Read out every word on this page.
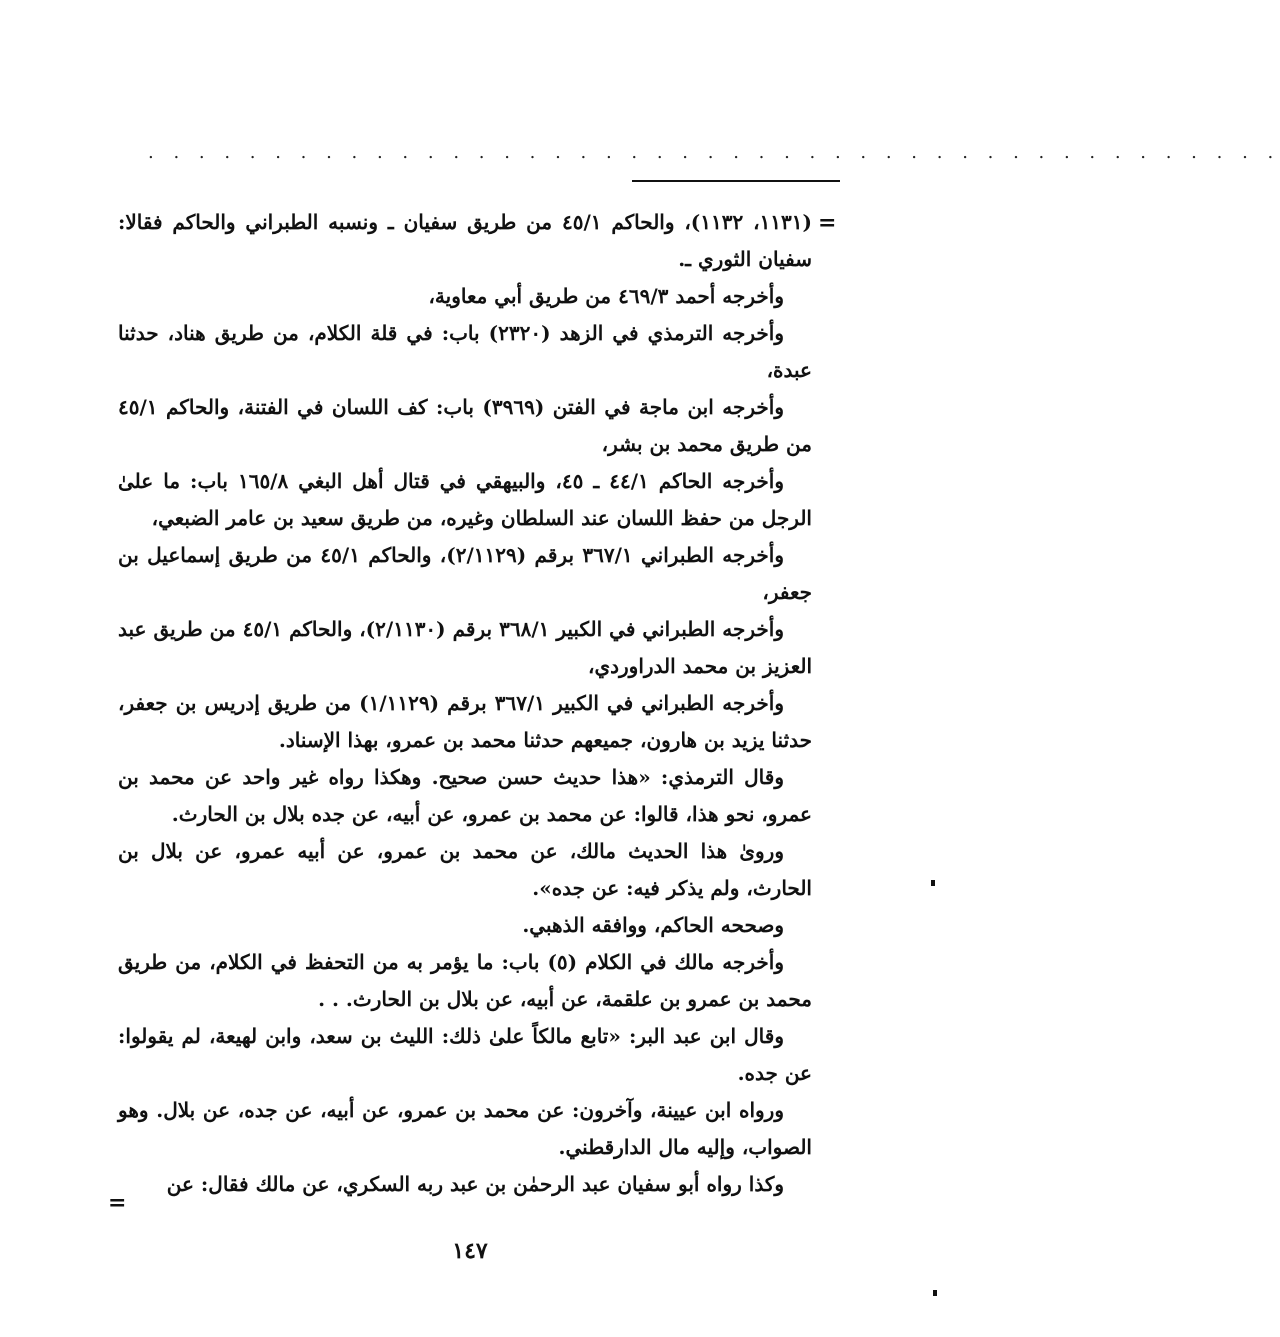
. . . . . . . . . . . . . . . . . . . . . . . . . . . . . . . . . . . . . . . . . . . . .
=

(١١٣١، ١١٣٢)، والحاكم ٤٥/١ من طريق سفيان ـ ونسبه الطبراني والحاكم فقالا: سفيان الثوري ـ.

وأخرجه أحمد ٤٦٩/٣ من طريق أبي معاوية،

وأخرجه الترمذي في الزهد (٢٣٢٠) باب: في قلة الكلام، من طريق هناد، حدثنا عبدة،

وأخرجه ابن ماجة في الفتن (٣٩٦٩) باب: كف اللسان في الفتنة، والحاكم ٤٥/١ من طريق محمد بن بشر،

وأخرجه الحاكم ٤٤/١ ـ ٤٥، والبيهقي في قتال أهل البغي ١٦٥/٨ باب: ما علىٰ الرجل من حفظ اللسان عند السلطان وغيره، من طريق سعيد بن عامر الضبعي،

وأخرجه الطبراني ٣٦٧/١ برقم (٢/١١٢٩)، والحاكم ٤٥/١ من طريق إسماعيل بن جعفر،

وأخرجه الطبراني في الكبير ٣٦٨/١ برقم (٢/١١٣٠)، والحاكم ٤٥/١ من طريق عبد العزيز بن محمد الدراوردي،

وأخرجه الطبراني في الكبير ٣٦٧/١ برقم (١/١١٢٩) من طريق إدريس بن جعفر، حدثنا يزيد بن هارون، جميعهم حدثنا محمد بن عمرو، بهذا الإسناد.

وقال الترمذي: «هذا حديث حسن صحيح. وهكذا رواه غير واحد عن محمد بن عمرو، نحو هذا، قالوا: عن محمد بن عمرو، عن أبيه، عن جده بلال بن الحارث.

ورویٰ هذا الحديث مالك، عن محمد بن عمرو، عن أبيه عمرو، عن بلال بن الحارث، ولم يذكر فيه: عن جده».

وصححه الحاكم، ووافقه الذهبي.

وأخرجه مالك في الكلام (٥) باب: ما يؤمر به من التحفظ في الكلام، من طريق محمد بن عمرو بن علقمة، عن أبيه، عن بلال بن الحارث. . .

وقال ابن عبد البر: «تابع مالكاً علىٰ ذلك: الليث بن سعد، وابن لهيعة، لم يقولوا: عن جده.

ورواه ابن عيينة، وآخرون: عن محمد بن عمرو، عن أبيه، عن جده، عن بلال. وهو الصواب، وإليه مال الدارقطني.

وكذا رواه أبو سفيان عبد الرحمٰن بن عبد ربه السكري، عن مالك فقال: عن

=
١٤٧
